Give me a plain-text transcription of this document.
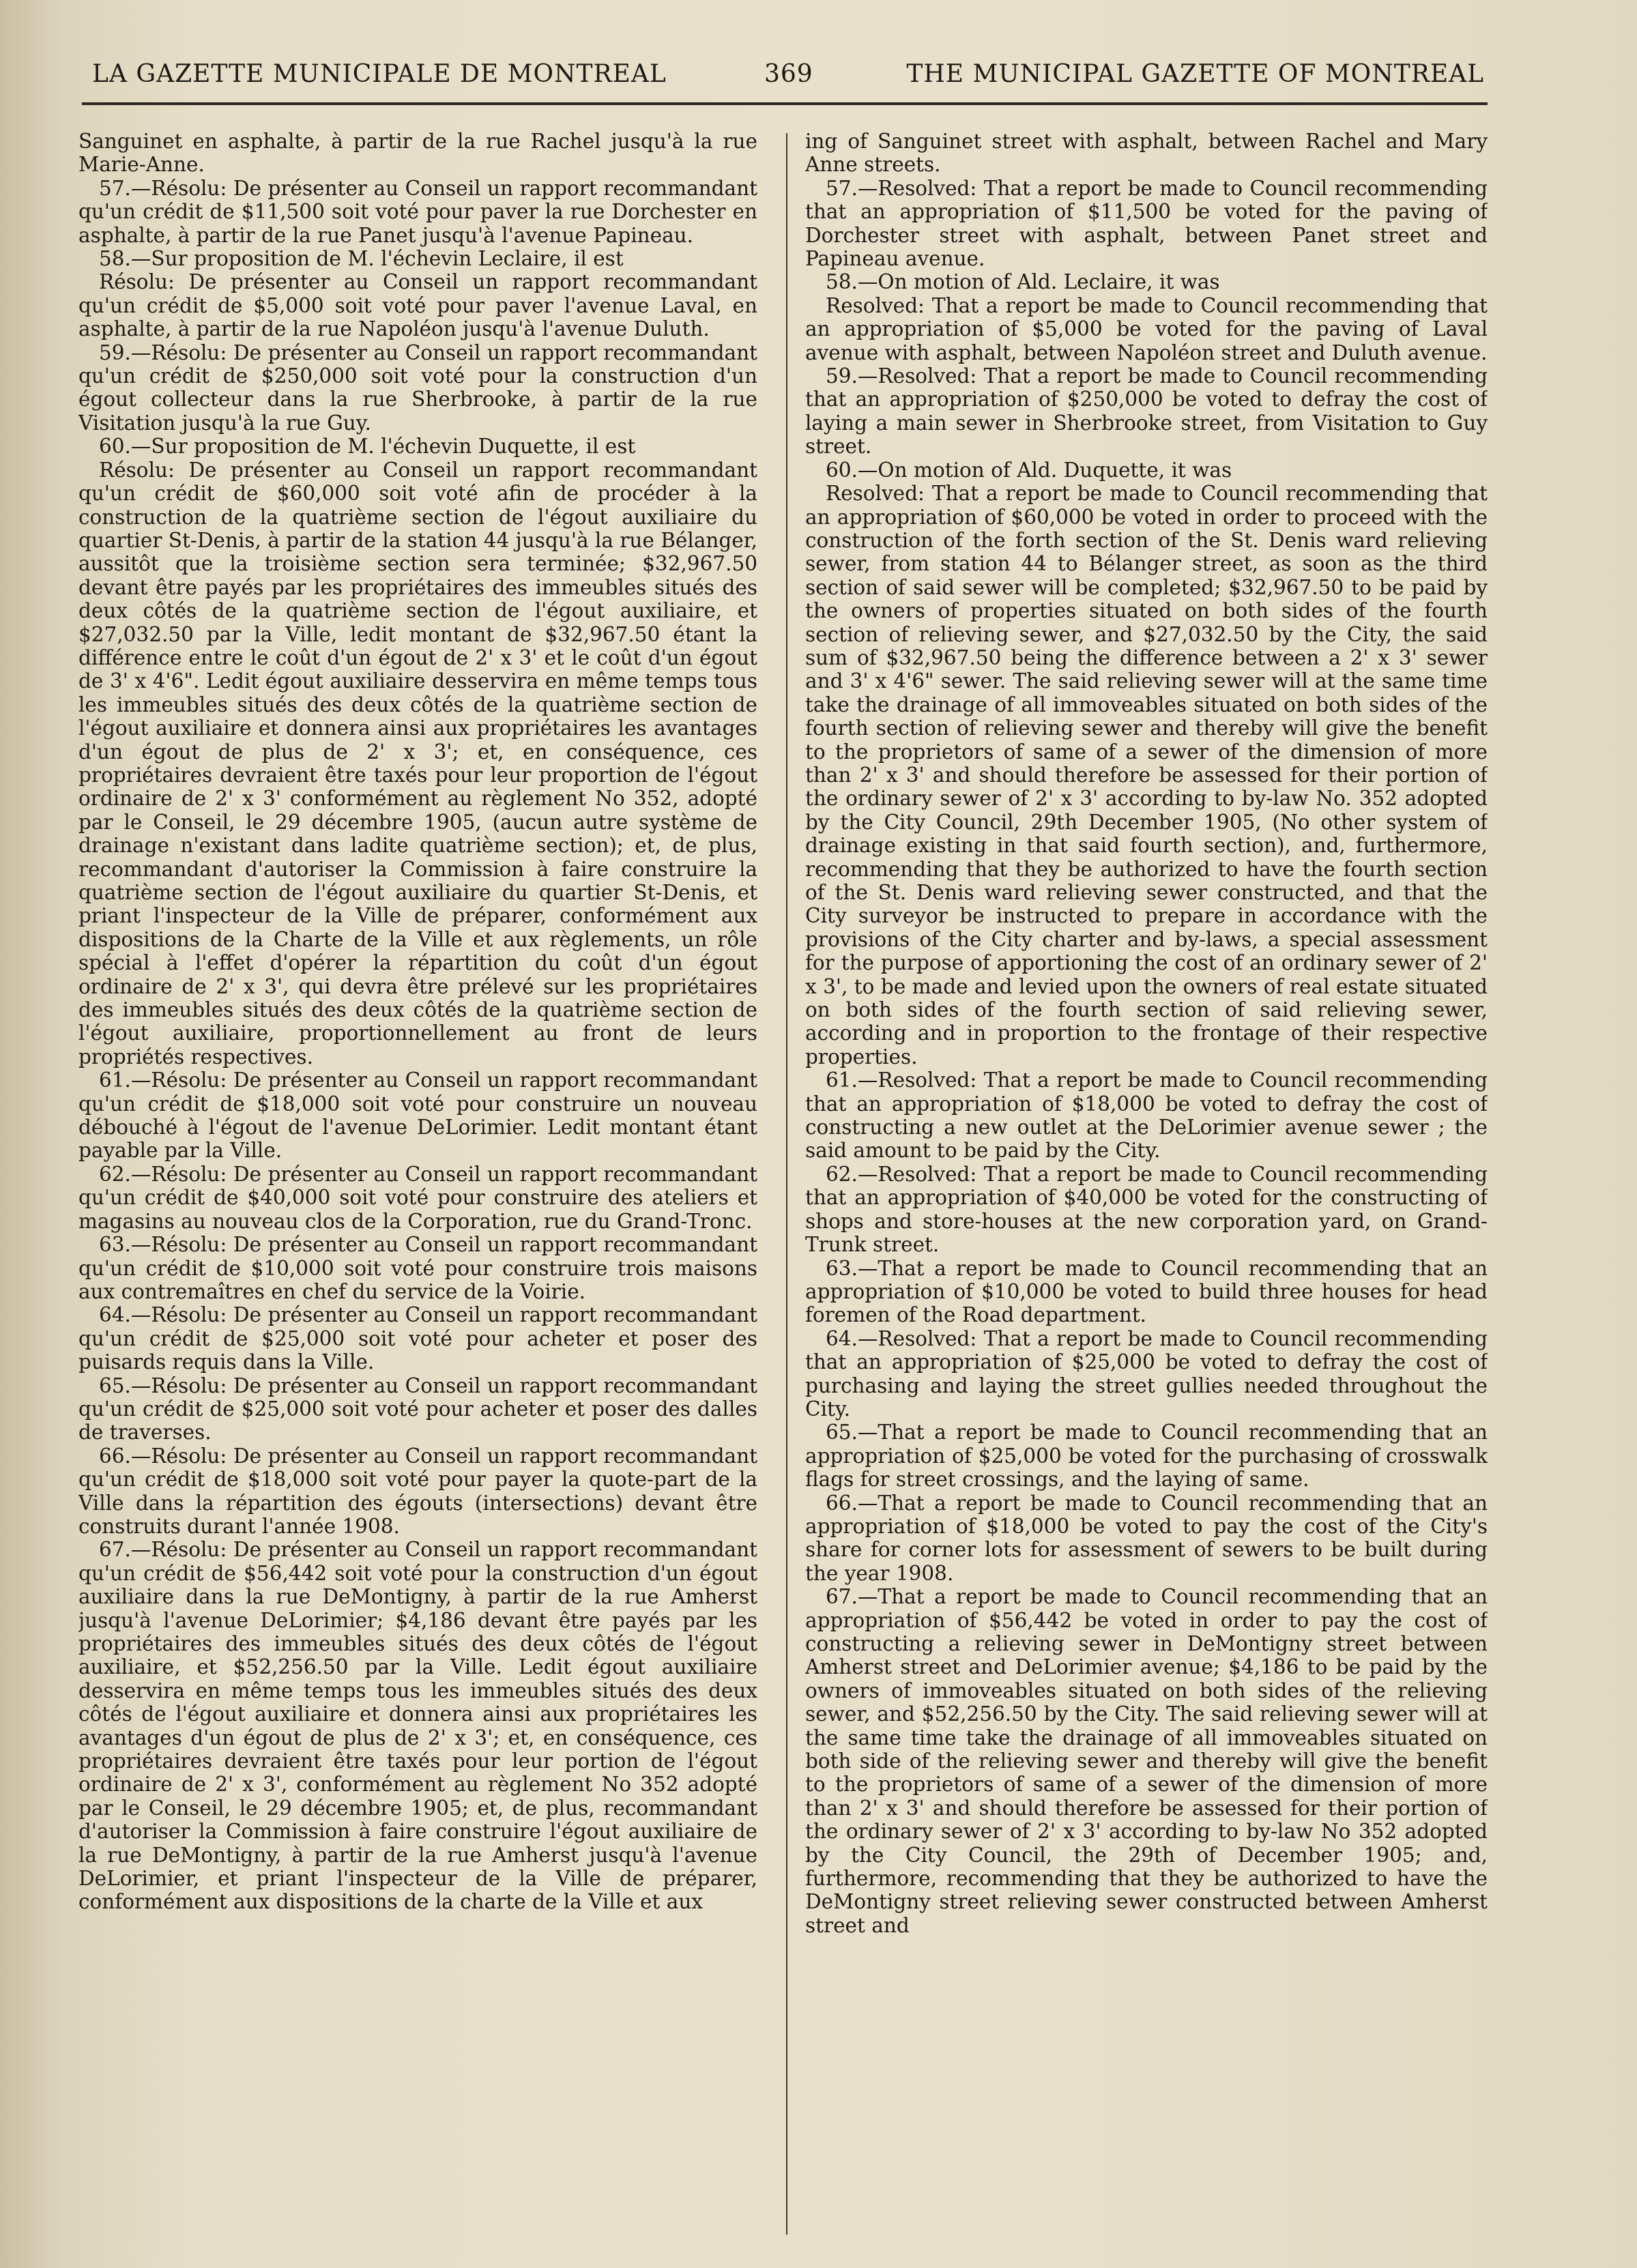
LA GAZETTE MUNICIPALE DE MONTREAL	369	THE MUNICIPAL GAZETTE OF MONTREAL

Sanguinet en asphalte, à partir de la rue Rachel jusqu'à la rue Marie-Anne.

57.—Résolu: De présenter au Conseil un rapport recommandant qu'un crédit de $11,500 soit voté pour paver la rue Dorchester en asphalte, à partir de la rue Panet jusqu'à l'avenue Papineau.

58.—Sur proposition de M. l'échevin Leclaire, il est

Résolu: De présenter au Conseil un rapport recommandant qu'un crédit de $5,000 soit voté pour paver l'avenue Laval, en asphalte, à partir de la rue Napoléon jusqu'à l'avenue Duluth.

59.—Résolu: De présenter au Conseil un rapport recommandant qu'un crédit de $250,000 soit voté pour la construction d'un égout collecteur dans la rue Sherbrooke, à partir de la rue Visitation jusqu'à la rue Guy.

60.—Sur proposition de M. l'échevin Duquette, il est

Résolu: De présenter au Conseil un rapport recommandant qu'un crédit de $60,000 soit voté afin de procéder à la construction de la quatrième section de l'égout auxiliaire du quartier St-Denis, à partir de la station 44 jusqu'à la rue Bélanger, aussitôt que la troisième section sera terminée; $32,967.50 devant être payés par les propriétaires des immeubles situés des deux côtés de la quatrième section de l'égout auxiliaire, et $27,032.50 par la Ville, ledit montant de $32,967.50 étant la différence entre le coût d'un égout de 2' x 3' et le coût d'un égout de 3' x 4'6". Ledit égout auxiliaire desservira en même temps tous les immeubles situés des deux côtés de la quatrième section de l'égout auxiliaire et donnera ainsi aux propriétaires les avantages d'un égout de plus de 2' x 3'; et, en conséquence, ces propriétaires devraient être taxés pour leur proportion de l'égout ordinaire de 2' x 3' conformément au règlement No 352, adopté par le Conseil, le 29 décembre 1905, (aucun autre système de drainage n'existant dans ladite quatrième section); et, de plus, recommandant d'autoriser la Commission à faire construire la quatrième section de l'égout auxiliaire du quartier St-Denis, et priant l'inspecteur de la Ville de préparer, conformément aux dispositions de la Charte de la Ville et aux règlements, un rôle spécial à l'effet d'opérer la répartition du coût d'un égout ordinaire de 2' x 3', qui devra être prélevé sur les propriétaires des immeubles situés des deux côtés de la quatrième section de l'égout auxiliaire, proportionnellement au front de leurs propriétés respectives.

61.—Résolu: De présenter au Conseil un rapport recommandant qu'un crédit de $18,000 soit voté pour construire un nouveau débouché à l'égout de l'avenue DeLorimier. Ledit montant étant payable par la Ville.

62.—Résolu: De présenter au Conseil un rapport recommandant qu'un crédit de $40,000 soit voté pour construire des ateliers et magasins au nouveau clos de la Corporation, rue du Grand-Tronc.

63.—Résolu: De présenter au Conseil un rapport recommandant qu'un crédit de $10,000 soit voté pour construire trois maisons aux contremaîtres en chef du service de la Voirie.

64.—Résolu: De présenter au Conseil un rapport recommandant qu'un crédit de $25,000 soit voté pour acheter et poser des puisards requis dans la Ville.

65.—Résolu: De présenter au Conseil un rapport recommandant qu'un crédit de $25,000 soit voté pour acheter et poser des dalles de traverses.

66.—Résolu: De présenter au Conseil un rapport recommandant qu'un crédit de $18,000 soit voté pour payer la quote-part de la Ville dans la répartition des égouts (intersections) devant être construits durant l'année 1908.

67.—Résolu: De présenter au Conseil un rapport recommandant qu'un crédit de $56,442 soit voté pour la construction d'un égout auxiliaire dans la rue DeMontigny, à partir de la rue Amherst jusqu'à l'avenue DeLorimier; $4,186 devant être payés par les propriétaires des immeubles situés des deux côtés de l'égout auxiliaire, et $52,256.50 par la Ville. Ledit égout auxiliaire desservira en même temps tous les immeubles situés des deux côtés de l'égout auxiliaire et donnera ainsi aux propriétaires les avantages d'un égout de plus de 2' x 3'; et, en conséquence, ces propriétaires devraient être taxés pour leur portion de l'égout ordinaire de 2' x 3', conformément au règlement No 352 adopté par le Conseil, le 29 décembre 1905; et, de plus, recommandant d'autoriser la Commission à faire construire l'égout auxiliaire de la rue DeMontigny, à partir de la rue Amherst jusqu'à l'avenue DeLorimier, et priant l'inspecteur de la Ville de préparer, conformément aux dispositions de la charte de la Ville et aux

ing of Sanguinet street with asphalt, between Rachel and Mary Anne streets.

57.—Resolved: That a report be made to Council recommending that an appropriation of $11,500 be voted for the paving of Dorchester street with asphalt, between Panet street and Papineau avenue.

58.—On motion of Ald. Leclaire, it was

Resolved: That a report be made to Council recommending that an appropriation of $5,000 be voted for the paving of Laval avenue with asphalt, between Napoléon street and Duluth avenue.

59.—Resolved: That a report be made to Council recommending that an appropriation of $250,000 be voted to defray the cost of laying a main sewer in Sherbrooke street, from Visitation to Guy street.

60.—On motion of Ald. Duquette, it was

Resolved: That a report be made to Council recommending that an appropriation of $60,000 be voted in order to proceed with the construction of the forth section of the St. Denis ward relieving sewer, from station 44 to Bélanger street, as soon as the third section of said sewer will be completed; $32,967.50 to be paid by the owners of properties situated on both sides of the fourth section of relieving sewer, and $27,032.50 by the City, the said sum of $32,967.50 being the difference between a 2' x 3' sewer and 3' x 4'6" sewer. The said relieving sewer will at the same time take the drainage of all immoveables situated on both sides of the fourth section of relieving sewer and thereby will give the benefit to the proprietors of same of a sewer of the dimension of more than 2' x 3' and should therefore be assessed for their portion of the ordinary sewer of 2' x 3' according to by-law No. 352 adopted by the City Council, 29th December 1905, (No other system of drainage existing in that said fourth section), and, furthermore, recommending that they be authorized to have the fourth section of the St. Denis ward relieving sewer constructed, and that the City surveyor be instructed to prepare in accordance with the provisions of the City charter and by-laws, a special assessment for the purpose of apportioning the cost of an ordinary sewer of 2' x 3', to be made and levied upon the owners of real estate situated on both sides of the fourth section of said relieving sewer, according and in proportion to the frontage of their respective properties.

61.—Resolved: That a report be made to Council recommending that an appropriation of $18,000 be voted to defray the cost of constructing a new outlet at the DeLorimier avenue sewer ; the said amount to be paid by the City.

62.—Resolved: That a report be made to Council recommending that an appropriation of $40,000 be voted for the constructing of shops and store-houses at the new corporation yard, on Grand-Trunk street.

63.—That a report be made to Council recommending that an appropriation of $10,000 be voted to build three houses for head foremen of the Road department.

64.—Resolved: That a report be made to Council recommending that an appropriation of $25,000 be voted to defray the cost of purchasing and laying the street gullies needed throughout the City.

65.—That a report be made to Council recommending that an appropriation of $25,000 be voted for the purchasing of crosswalk flags for street crossings, and the laying of same.

66.—That a report be made to Council recommending that an appropriation of $18,000 be voted to pay the cost of the City's share for corner lots for assessment of sewers to be built during the year 1908.

67.—That a report be made to Council recommending that an appropriation of $56,442 be voted in order to pay the cost of constructing a relieving sewer in DeMontigny street between Amherst street and DeLorimier avenue; $4,186 to be paid by the owners of immoveables situated on both sides of the relieving sewer, and $52,256.50 by the City. The said relieving sewer will at the same time take the drainage of all immoveables situated on both side of the relieving sewer and thereby will give the benefit to the proprietors of same of a sewer of the dimension of more than 2' x 3' and should therefore be assessed for their portion of the ordinary sewer of 2' x 3' according to by-law No 352 adopted by the City Council, the 29th of December 1905; and, furthermore, recommending that they be authorized to have the DeMontigny street relieving sewer constructed between Amherst street and
